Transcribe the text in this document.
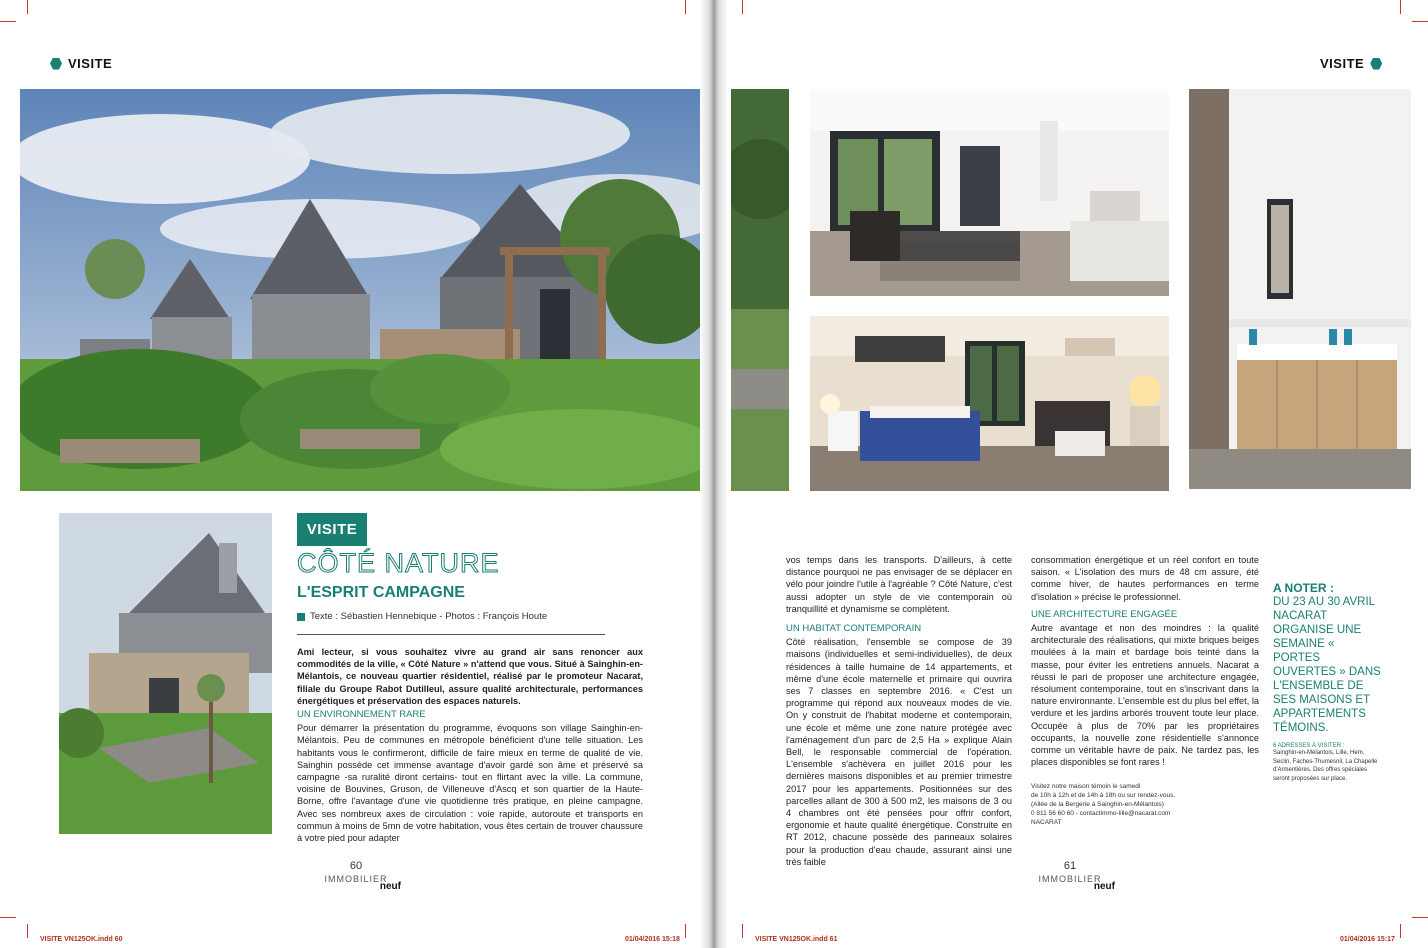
VISITE	VISITE
VISITE
CÔTÉ NATURE
L'ESPRIT CAMPAGNE
Texte : Sébastien Hennebique - Photos : François Houte

Ami lecteur, si vous souhaitez vivre au grand air sans renoncer aux commodités de la ville, « Côté Nature » n'attend que vous. Situé à Sainghin-en-Mélantois, ce nouveau quartier résidentiel, réalisé par le promoteur Nacarat, filiale du Groupe Rabot Dutilleul, assure qualité architecturale, performances énergétiques et préservation des espaces naturels.

UN ENVIRONNEMENT RARE

Pour démarrer la présentation du programme, évoquons son village Sainghin-en-Mélantois. Peu de communes en métropole bénéficient d'une telle situation. Les habitants vous le confirmeront, difficile de faire mieux en terme de qualité de vie. Sainghin possède cet immense avantage d'avoir gardé son âme et préservé sa campagne -sa ruralité diront certains- tout en flirtant avec la ville. La commune, voisine de Bouvines, Gruson, de Villeneuve d'Ascq et son quartier de la Haute-Borne, offre l'avantage d'une vie quotidienne très pratique, en pleine campagne. Avec ses nombreux axes de circulation : voie rapide, autoroute et transports en commun à moins de 5mn de votre habitation, vous êtes certain de trouver chaussure à votre pied pour adapter

vos temps dans les transports. D'ailleurs, à cette distance pourquoi ne pas envisager de se déplacer en vélo pour joindre l'utile à l'agréable ? Côté Nature, c'est aussi adopter un style de vie contemporain où tranquillité et dynamisme se complètent.

UN HABITAT CONTEMPORAIN

Côté réalisation, l'ensemble se compose de 39 maisons (individuelles et semi-individuelles), de deux résidences à taille humaine de 14 appartements, et même d'une école maternelle et primaire qui ouvrira ses 7 classes en septembre 2016. « C'est un programme qui répond aux nouveaux modes de vie. On y construit de l'habitat moderne et contemporain, une école et même une zone nature protégée avec l'aménagement d'un parc de 2,5 Ha » explique Alain Bell, le responsable commercial de l'opération. L'ensemble s'achèvera en juillet 2016 pour les dernières maisons disponibles et au premier trimestre 2017 pour les appartements. Positionnées sur des parcelles allant de 300 à 500 m2, les maisons de 3 ou 4 chambres ont été pensées pour offrir confort, ergonomie et haute qualité énergétique. Construite en RT 2012, chacune possède des panneaux solaires pour la production d'eau chaude, assurant ainsi une très faible

consommation énergétique et un réel confort en toute saison. « L'isolation des murs de 48 cm assure, été comme hiver, de hautes performances en terme d'isolation » précise le professionnel.

UNE ARCHITECTURE ENGAGÉE

Autre avantage et non des moindres : la qualité architecturale des réalisations, qui mixte briques beiges moulées à la main et bardage bois teinté dans la masse, pour éviter les entretiens annuels. Nacarat a réussi le pari de proposer une architecture engagée, résolument contemporaine, tout en s'inscrivant dans la nature environnante. L'ensemble est du plus bel effet, la verdure et les jardins arborés trouvent toute leur place. Occupée à plus de 70% par les propriétaires occupants, la nouvelle zone résidentielle s'annonce comme un véritable havre de paix. Ne tardez pas, les places disponibles se font rares !

Visitez notre maison témoin le samedi
de 10h à 12h et de 14h à 18h ou sur rendez-vous.
(Allée de la Bergerie à Sainghin-en-Mélantois)
0 811 56 60 60 - contactimmo-lille@nacarat.com
NACARAT
A NOTER :
DU 23 AU 30 AVRIL NACARAT ORGANISE UNE SEMAINE « PORTES OUVERTES » DANS L'ENSEMBLE DE SES MAISONS ET APPARTEMENTS TÉMOINS.
6 ADRESSES À VISITER :
Sainghin-en-Mélantois, Lille, Hem, Seclin, Faches-Thumesnil, La Chapelle d'Armentières. Des offres spéciales seront proposées sur place.
60
IMMOBILIER
neuf
61
IMMOBILIER
neuf
VISITE VN125OK.indd 60	01/04/2016 15:18	VISITE VN125OK.indd 61	01/04/2016 15:17
